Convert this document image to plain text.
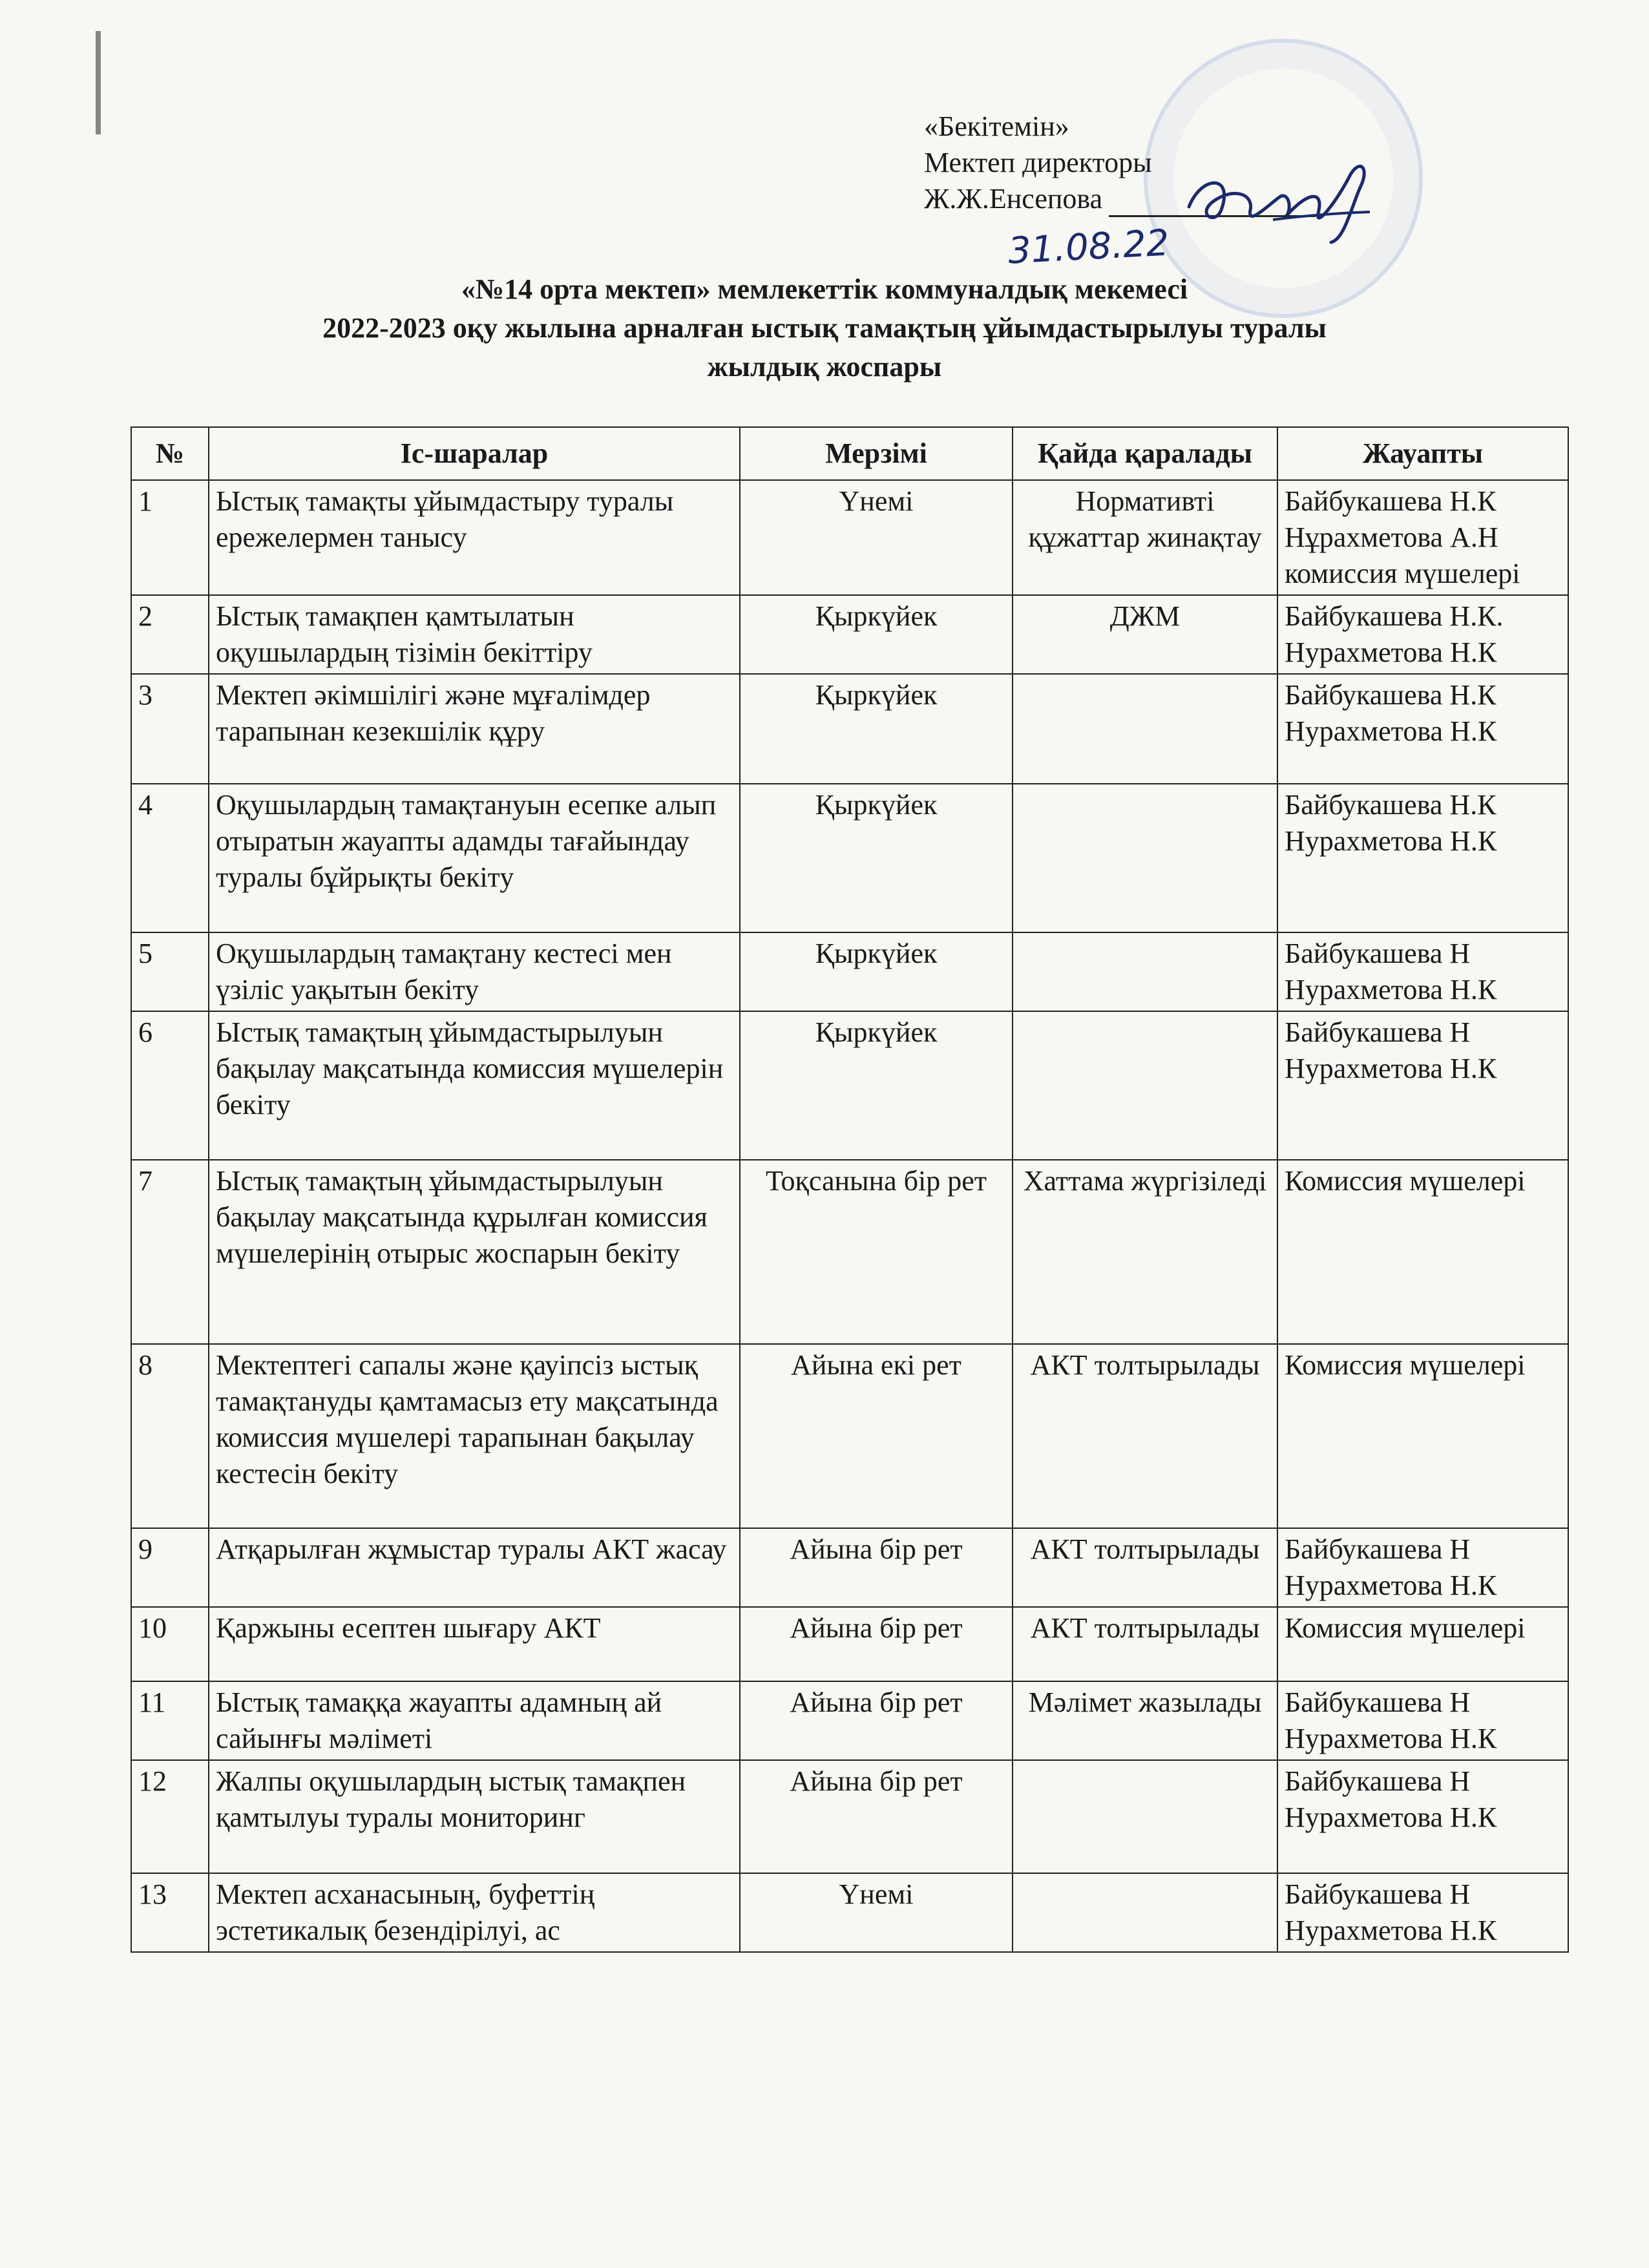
«Бекітемін»
Мектеп директоры
Ж.Ж.Енсепова
31.08.22
«№14 орта мектеп» мемлекеттік коммуналдық мекемесі
2022-2023 оқу жылына арналған ыстық тамақтың ұйымдастырылуы туралы
жылдық жоспары
№	Іс-шаралар	Мерзімі	Қайда қаралады	Жауапты
1	Ыстық тамақты ұйымдастыру туралы ережелермен танысу	Үнемі	Нормативті құжаттар жинақтау	Байбукашева Н.К Нұрахметова А.Н комиссия мүшелері
2	Ыстық тамақпен қамтылатын оқушылардың тізімін бекіттіру	Қыркүйек	ДЖМ	Байбукашева Н.К. Нурахметова Н.К
3	Мектеп әкімшілігі және мұғалімдер тарапынан кезекшілік құру	Қыркүйек		Байбукашева Н.К Нурахметова Н.К
4	Оқушылардың тамақтануын есепке алып отыратын жауапты адамды тағайындау туралы бұйрықты бекіту	Қыркүйек		Байбукашева Н.К Нурахметова Н.К
5	Оқушылардың тамақтану кестесі мен үзіліс уақытын бекіту	Қыркүйек		Байбукашева Н Нурахметова Н.К
6	Ыстық тамақтың ұйымдастырылуын бақылау мақсатында комиссия мүшелерін бекіту	Қыркүйек		Байбукашева Н Нурахметова Н.К
7	Ыстық тамақтың ұйымдастырылуын бақылау мақсатында құрылған комиссия мүшелерінің отырыс жоспарын бекіту	Тоқсанына бір рет	Хаттама жүргізіледі	Комиссия мүшелері
8	Мектептегі сапалы және қауіпсіз ыстық тамақтануды қамтамасыз ету мақсатында комиссия мүшелері тарапынан бақылау кестесін бекіту	Айына екі рет	АКТ толтырылады	Комиссия мүшелері
9	Атқарылған жұмыстар туралы АКТ жасау	Айына бір рет	АКТ толтырылады	Байбукашева Н Нурахметова Н.К
10	Қаржыны есептен шығару АКТ	Айына бір рет	АКТ толтырылады	Комиссия мүшелері
11	Ыстық тамаққа жауапты адамның ай сайынғы мәліметі	Айына бір рет	Мәлімет жазылады	Байбукашева Н Нурахметова Н.К
12	Жалпы оқушылардың ыстық тамақпен қамтылуы туралы мониторинг	Айына бір рет		Байбукашева Н Нурахметова Н.К
13	Мектеп асханасының, буфеттің эстетикалық безендірілуі, ас	Үнемі		Байбукашева Н Нурахметова Н.К
